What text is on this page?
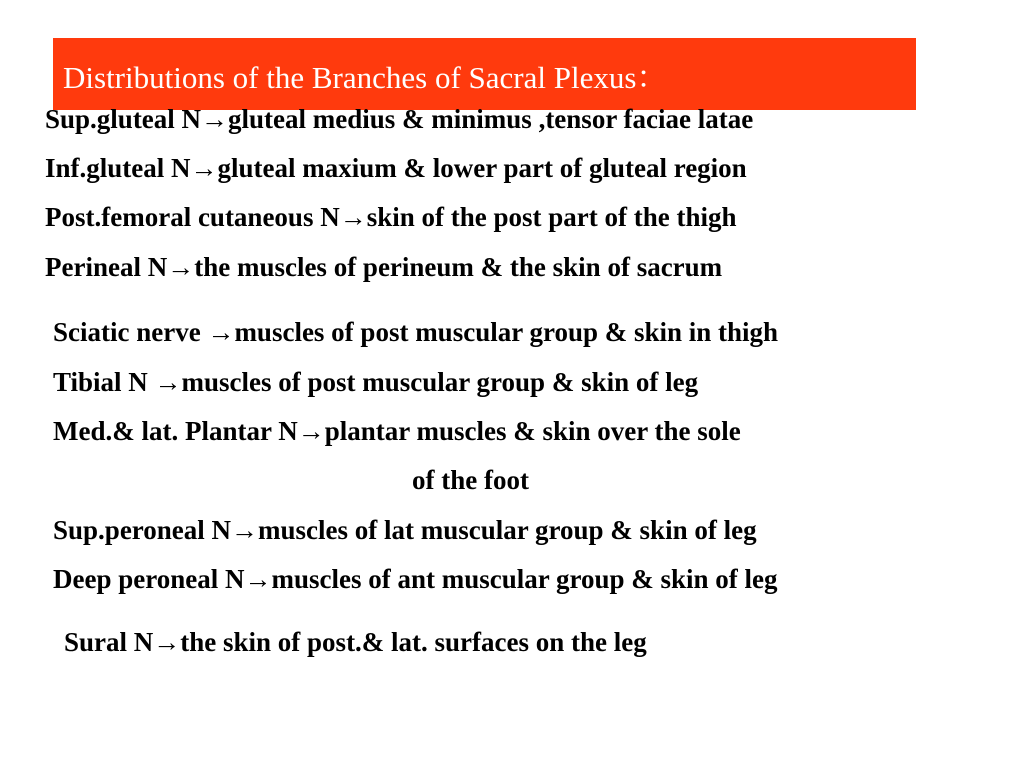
Distributions of the Branches of Sacral Plexus：
Sup.gluteal N→gluteal medius & minimus ,tensor faciae latae
Inf.gluteal N→gluteal maxium & lower part of gluteal region
Post.femoral cutaneous N→skin of the post part of the thigh
Perineal N→the muscles of perineum & the skin of sacrum
Sciatic nerve →muscles of post muscular group & skin in thigh
Tibial N →muscles of post muscular group & skin of leg
Med.& lat. Plantar N→plantar muscles & skin over the sole
of the foot
Sup.peroneal N→muscles of lat muscular group & skin of leg
Deep peroneal N→muscles of ant muscular group & skin of leg
Sural N→the skin of post.& lat. surfaces on the leg
